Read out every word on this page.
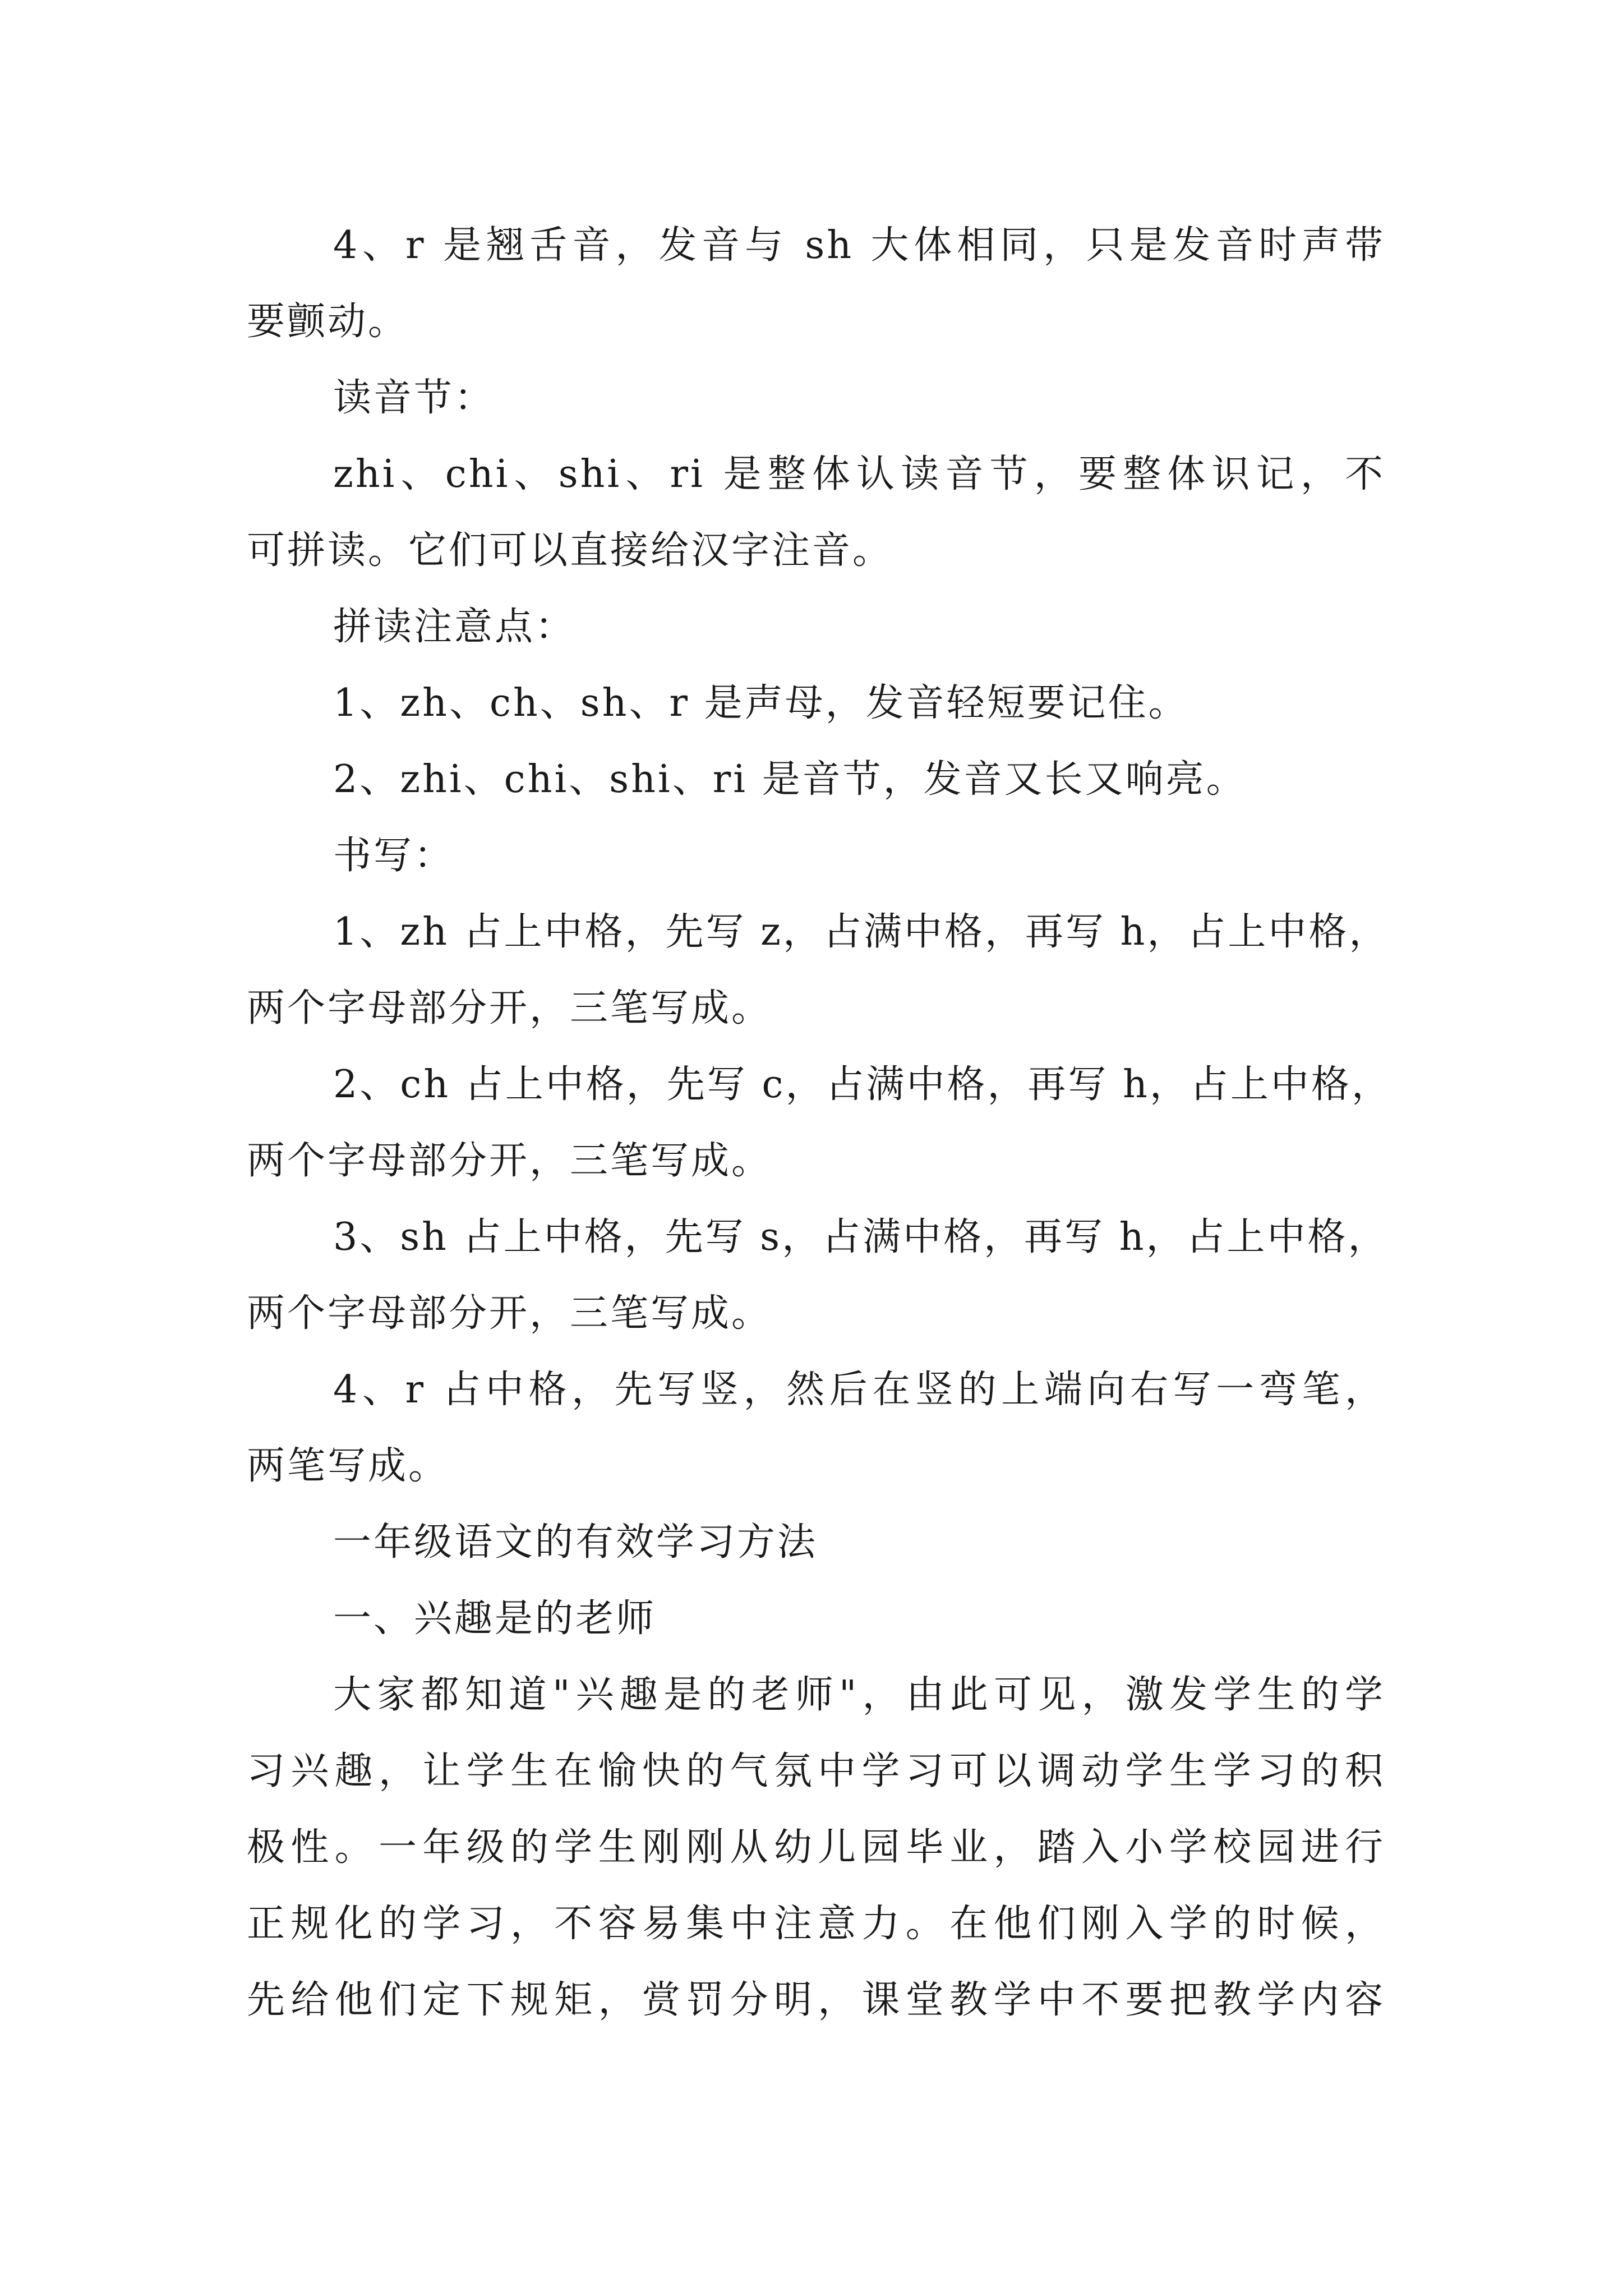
4、r 是翘舌音，发音与 sh 大体相同，只是发音时声带
要颤动。
读音节：
zhi、chi、shi、ri 是整体认读音节，要整体识记，不
可拼读。它们可以直接给汉字注音。
拼读注意点：
1、zh、ch、sh、r 是声母，发音轻短要记住。
2、zhi、chi、shi、ri 是音节，发音又长又响亮。
书写：
1、zh 占上中格，先写 z，占满中格，再写 h，占上中格，
两个字母部分开，三笔写成。
2、ch 占上中格，先写 c，占满中格，再写 h，占上中格，
两个字母部分开，三笔写成。
3、sh 占上中格，先写 s，占满中格，再写 h，占上中格，
两个字母部分开，三笔写成。
4、r 占中格，先写竖，然后在竖的上端向右写一弯笔，
两笔写成。
一年级语文的有效学习方法
一、兴趣是的老师
大家都知道"兴趣是的老师"，由此可见，激发学生的学
习兴趣，让学生在愉快的气氛中学习可以调动学生学习的积
极性。一年级的学生刚刚从幼儿园毕业，踏入小学校园进行
正规化的学习，不容易集中注意力。在他们刚入学的时候，
先给他们定下规矩，赏罚分明，课堂教学中不要把教学内容
